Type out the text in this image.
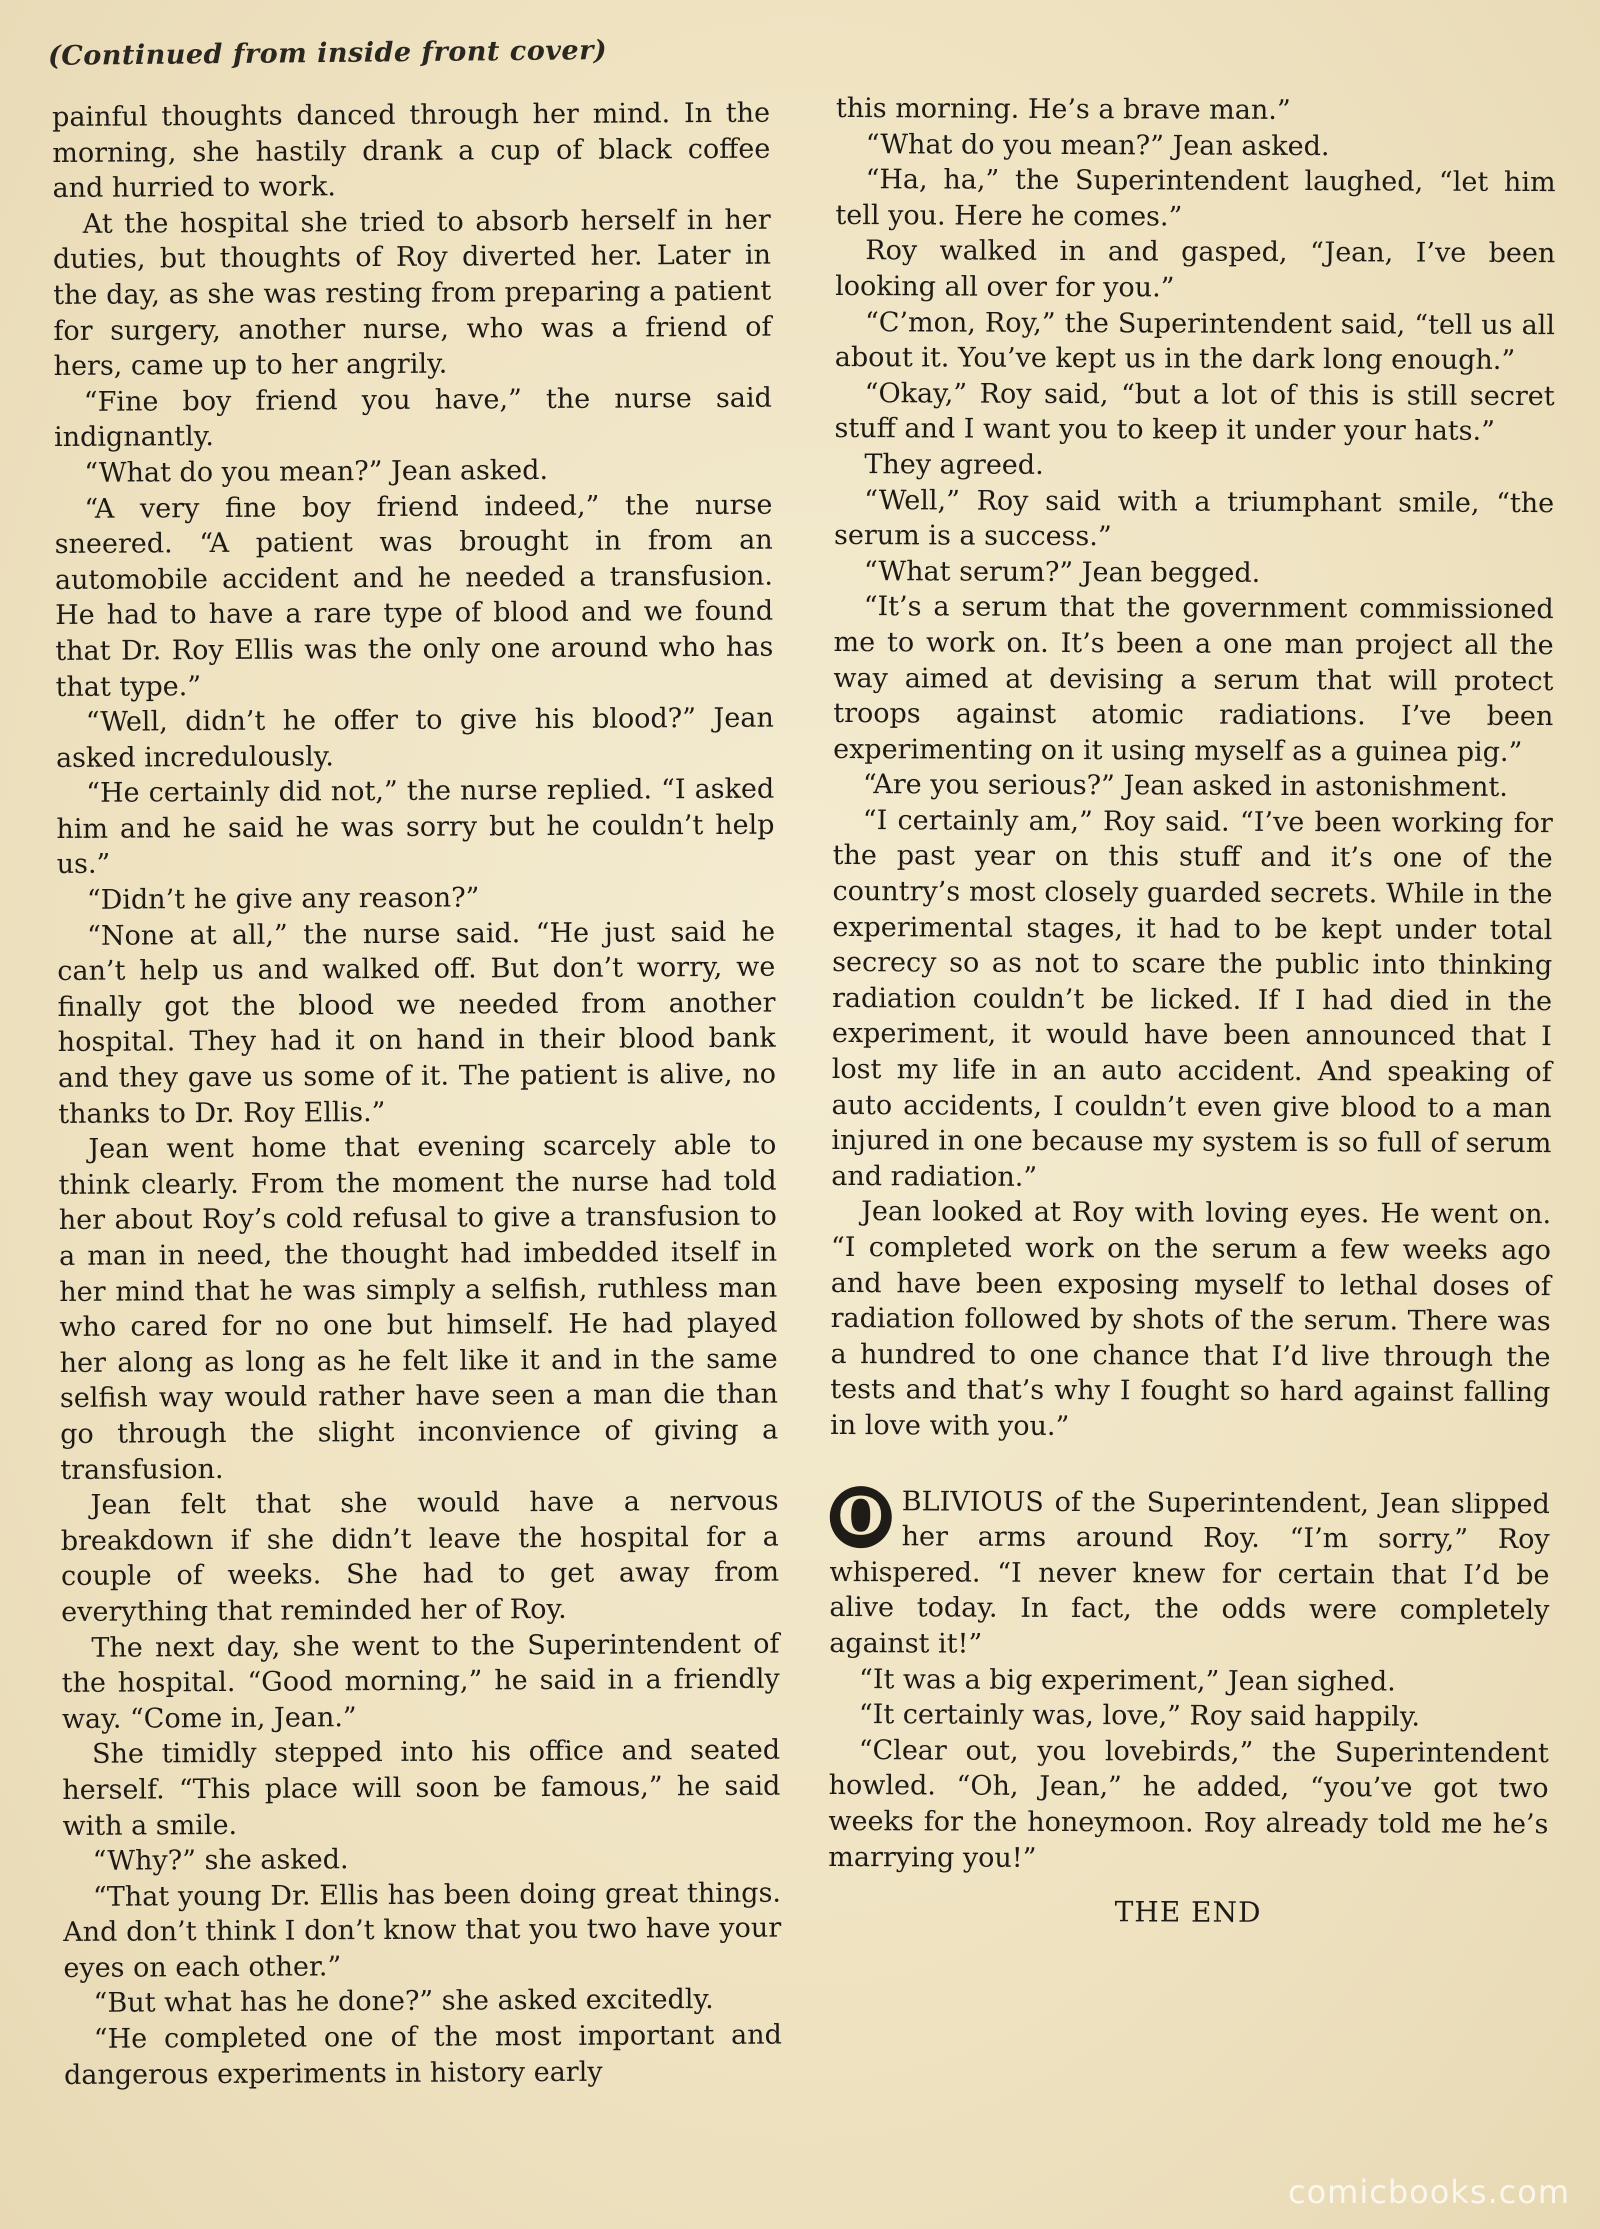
(Continued from inside front cover)

painful thoughts danced through her mind. In the morning, she hastily drank a cup of black coffee and hurried to work.

At the hospital she tried to absorb herself in her duties, but thoughts of Roy diverted her. Later in the day, as she was resting from preparing a patient for surgery, another nurse, who was a friend of hers, came up to her angrily.

“Fine boy friend you have,” the nurse said indignantly.

“What do you mean?” Jean asked.

“A very fine boy friend indeed,” the nurse sneered. “A patient was brought in from an automobile accident and he needed a transfusion. He had to have a rare type of blood and we found that Dr. Roy Ellis was the only one around who has that type.”

“Well, didn’t he offer to give his blood?” Jean asked incredulously.

“He certainly did not,” the nurse replied. “I asked him and he said he was sorry but he couldn’t help us.”

“Didn’t he give any reason?”

“None at all,” the nurse said. “He just said he can’t help us and walked off. But don’t worry, we finally got the blood we needed from another hospital. They had it on hand in their blood bank and they gave us some of it. The patient is alive, no thanks to Dr. Roy Ellis.”

Jean went home that evening scarcely able to think clearly. From the moment the nurse had told her about Roy’s cold refusal to give a transfusion to a man in need, the thought had imbedded itself in her mind that he was simply a selfish, ruthless man who cared for no one but himself. He had played her along as long as he felt like it and in the same selfish way would rather have seen a man die than go through the slight inconvience of giving a transfusion.

Jean felt that she would have a nervous breakdown if she didn’t leave the hospital for a couple of weeks. She had to get away from everything that reminded her of Roy.

The next day, she went to the Superintendent of the hospital. “Good morning,” he said in a friendly way. “Come in, Jean.”

She timidly stepped into his office and seated herself. “This place will soon be famous,” he said with a smile.

“Why?” she asked.

“That young Dr. Ellis has been doing great things. And don’t think I don’t know that you two have your eyes on each other.”

“But what has he done?” she asked excitedly.

“He completed one of the most important and dangerous experiments in history early

this morning. He’s a brave man.”

“What do you mean?” Jean asked.

“Ha, ha,” the Superintendent laughed, “let him tell you. Here he comes.”

Roy walked in and gasped, “Jean, I’ve been looking all over for you.”

“C’mon, Roy,” the Superintendent said, “tell us all about it. You’ve kept us in the dark long enough.”

“Okay,” Roy said, “but a lot of this is still secret stuff and I want you to keep it under your hats.”

They agreed.

“Well,” Roy said with a triumphant smile, “the serum is a success.”

“What serum?” Jean begged.

“It’s a serum that the government commissioned me to work on. It’s been a one man project all the way aimed at devising a serum that will protect troops against atomic radiations. I’ve been experimenting on it using myself as a guinea pig.”

“Are you serious?” Jean asked in astonishment.

“I certainly am,” Roy said. “I’ve been working for the past year on this stuff and it’s one of the country’s most closely guarded secrets. While in the experimental stages, it had to be kept under total secrecy so as not to scare the public into thinking radiation couldn’t be licked. If I had died in the experiment, it would have been announced that I lost my life in an auto accident. And speaking of auto accidents, I couldn’t even give blood to a man injured in one because my system is so full of serum and radiation.”

Jean looked at Roy with loving eyes. He went on. “I completed work on the serum a few weeks ago and have been exposing myself to lethal doses of radiation followed by shots of the serum. There was a hundred to one chance that I’d live through the tests and that’s why I fought so hard against falling in love with you.”

O BLIVIOUS of the Superintendent, Jean slipped her arms around Roy. “I’m sorry,” Roy whispered. “I never knew for certain that I’d be alive today. In fact, the odds were completely against it!”

“It was a big experiment,” Jean sighed.

“It certainly was, love,” Roy said happily.

“Clear out, you lovebirds,” the Superintendent howled. “Oh, Jean,” he added, “you’ve got two weeks for the honeymoon. Roy already told me he’s marrying you!”

THE END

comicbooks.com
